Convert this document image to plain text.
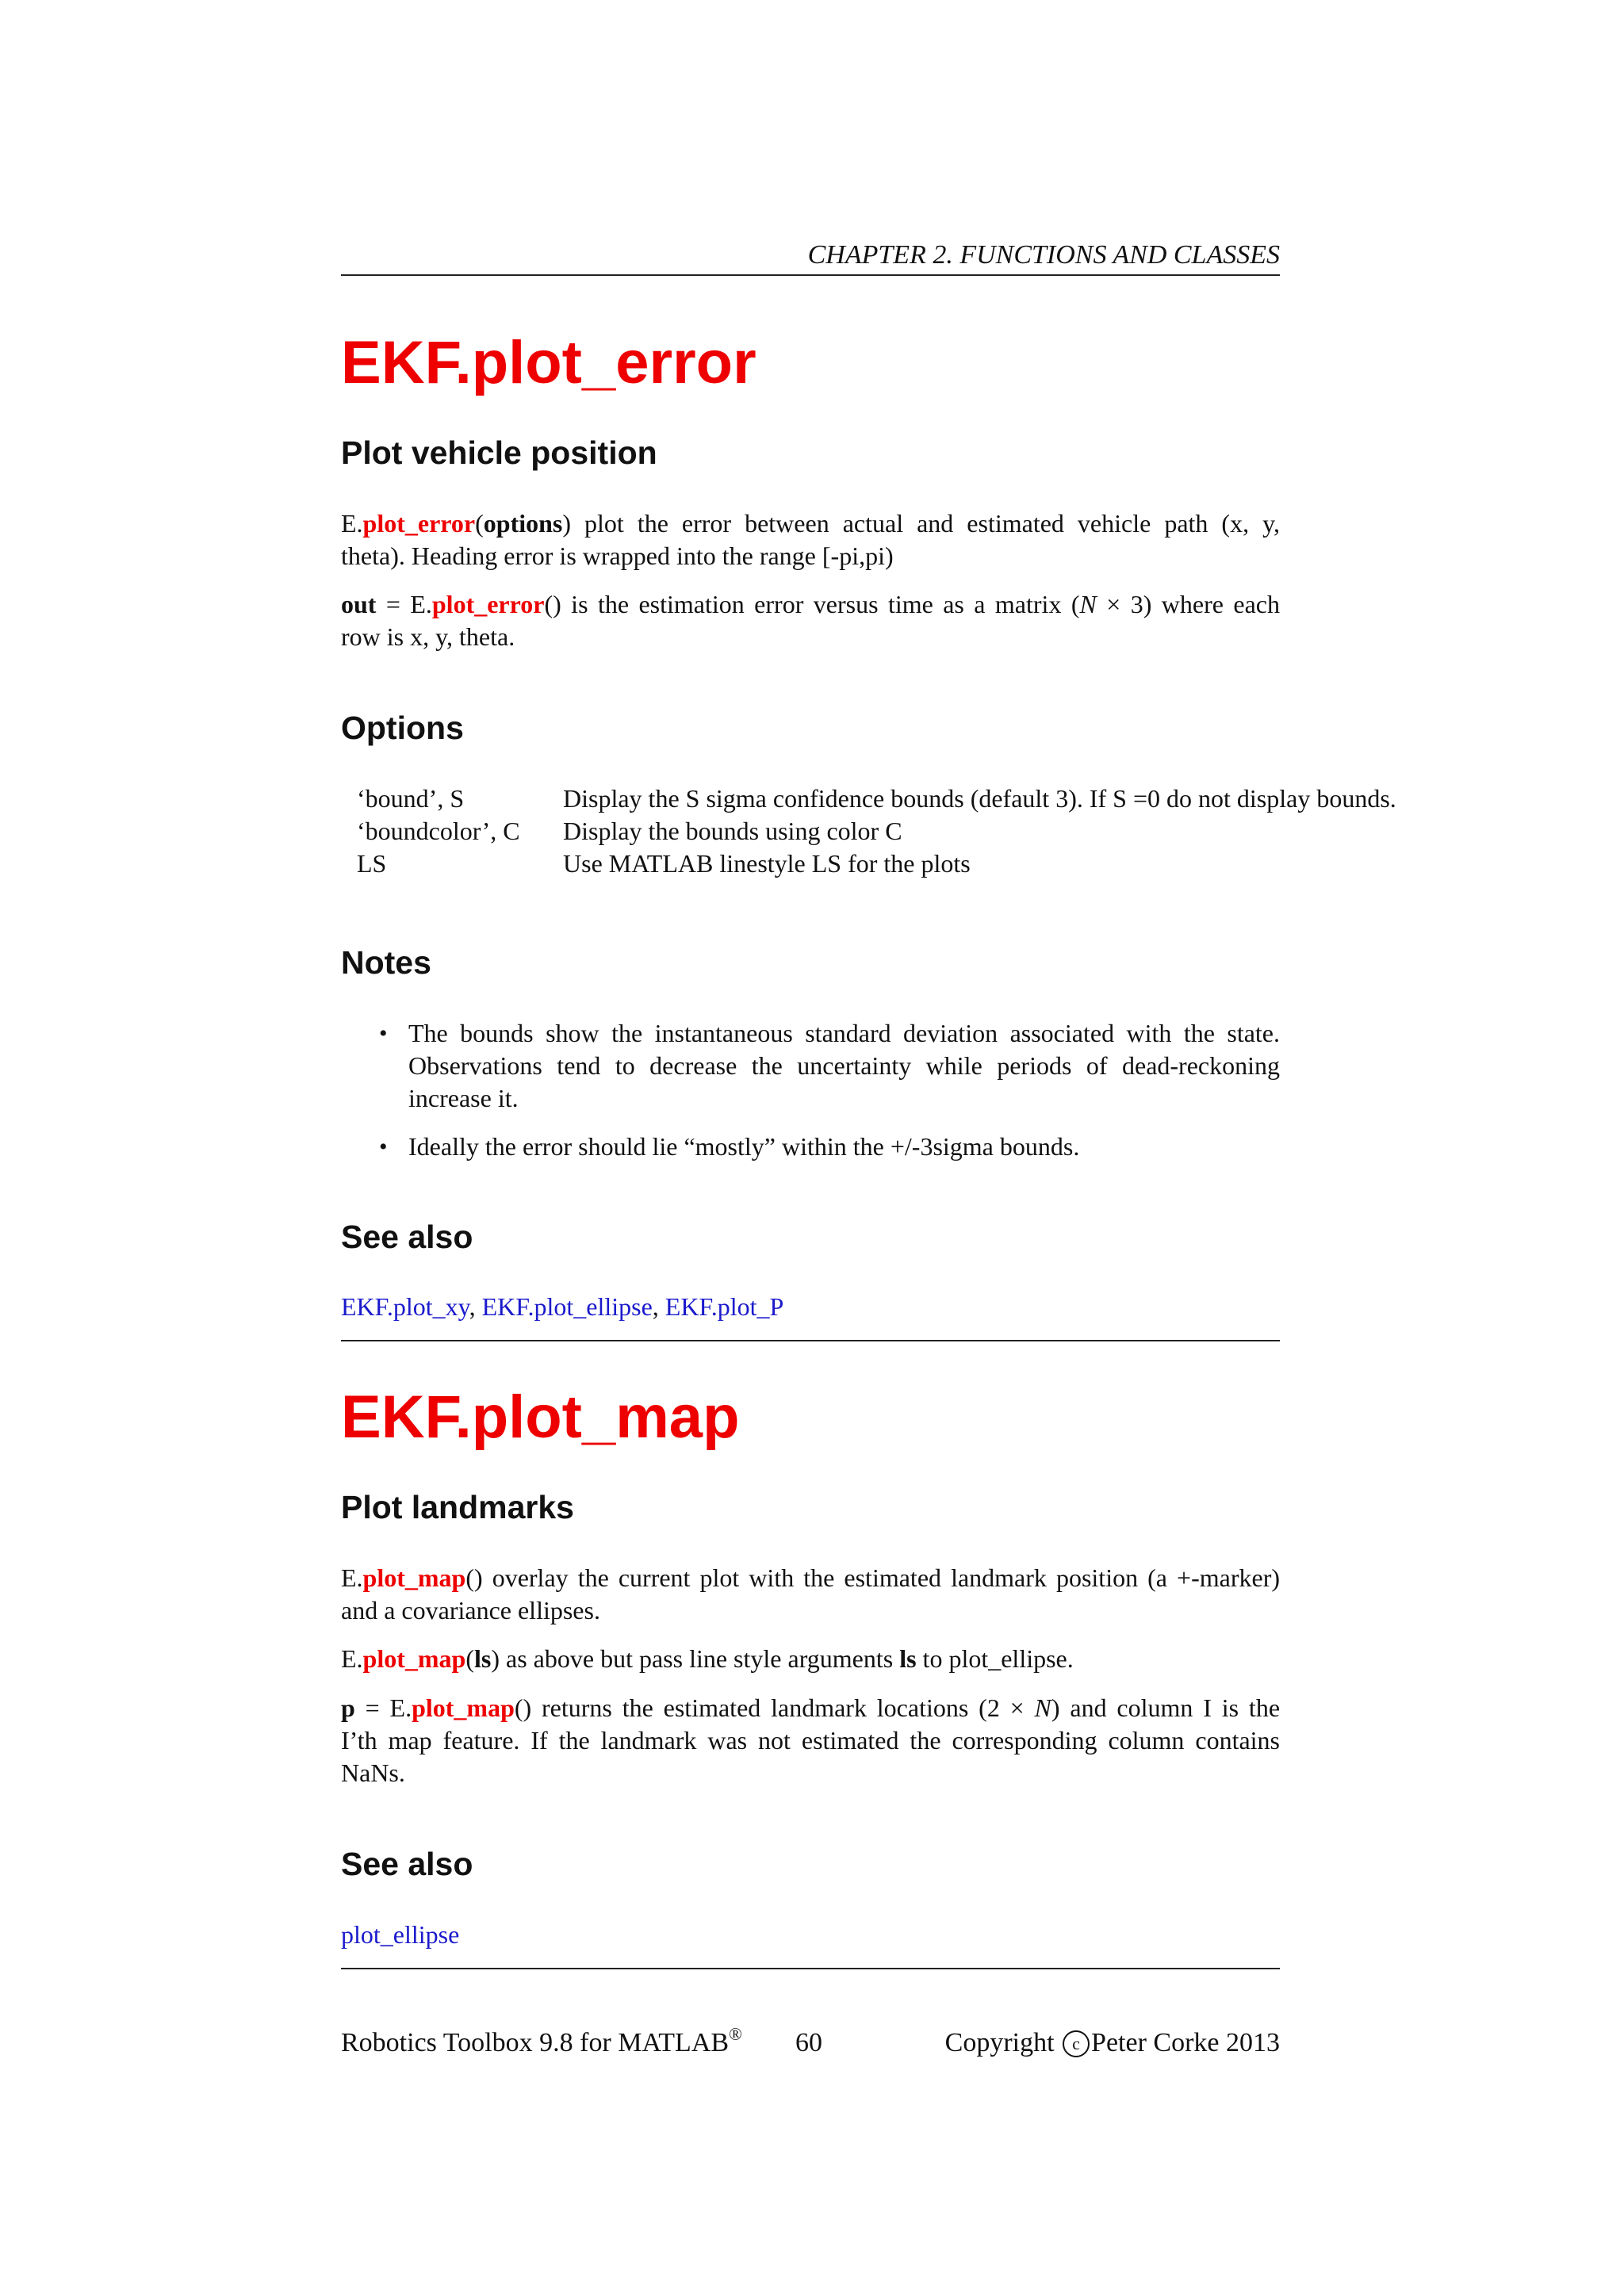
CHAPTER 2. FUNCTIONS AND CLASSES
EKF.plot_error
Plot vehicle position
E.plot_error(options) plot the error between actual and estimated vehicle path (x, y,
theta). Heading error is wrapped into the range [-pi,pi)
out = E.plot_error() is the estimation error versus time as a matrix (N × 3) where each
row is x, y, theta.
Options
‘bound’, S	Display the S sigma confidence bounds (default 3). If S =0 do not display bounds.
‘boundcolor’, C Display the bounds using color C
LS	Use MATLAB linestyle LS for the plots
Notes
• The bounds show the instantaneous standard deviation associated with the state.
Observations tend to decrease the uncertainty while periods of dead-reckoning
increase it.
• Ideally the error should lie “mostly” within the +/-3sigma bounds.
See also
EKF.plot_xy, EKF.plot_ellipse, EKF.plot_P
EKF.plot_map
Plot landmarks
E.plot_map() overlay the current plot with the estimated landmark position (a +-marker)
and a covariance ellipses.
E.plot_map(ls) as above but pass line style arguments ls to plot_ellipse.
p = E.plot_map() returns the estimated landmark locations (2 × N) and column I is the
I’th map feature. If the landmark was not estimated the corresponding column contains
NaNs.
See also
plot_ellipse
Robotics Toolbox 9.8 for MATLAB® 60	Copyright c Peter Corke 2013
